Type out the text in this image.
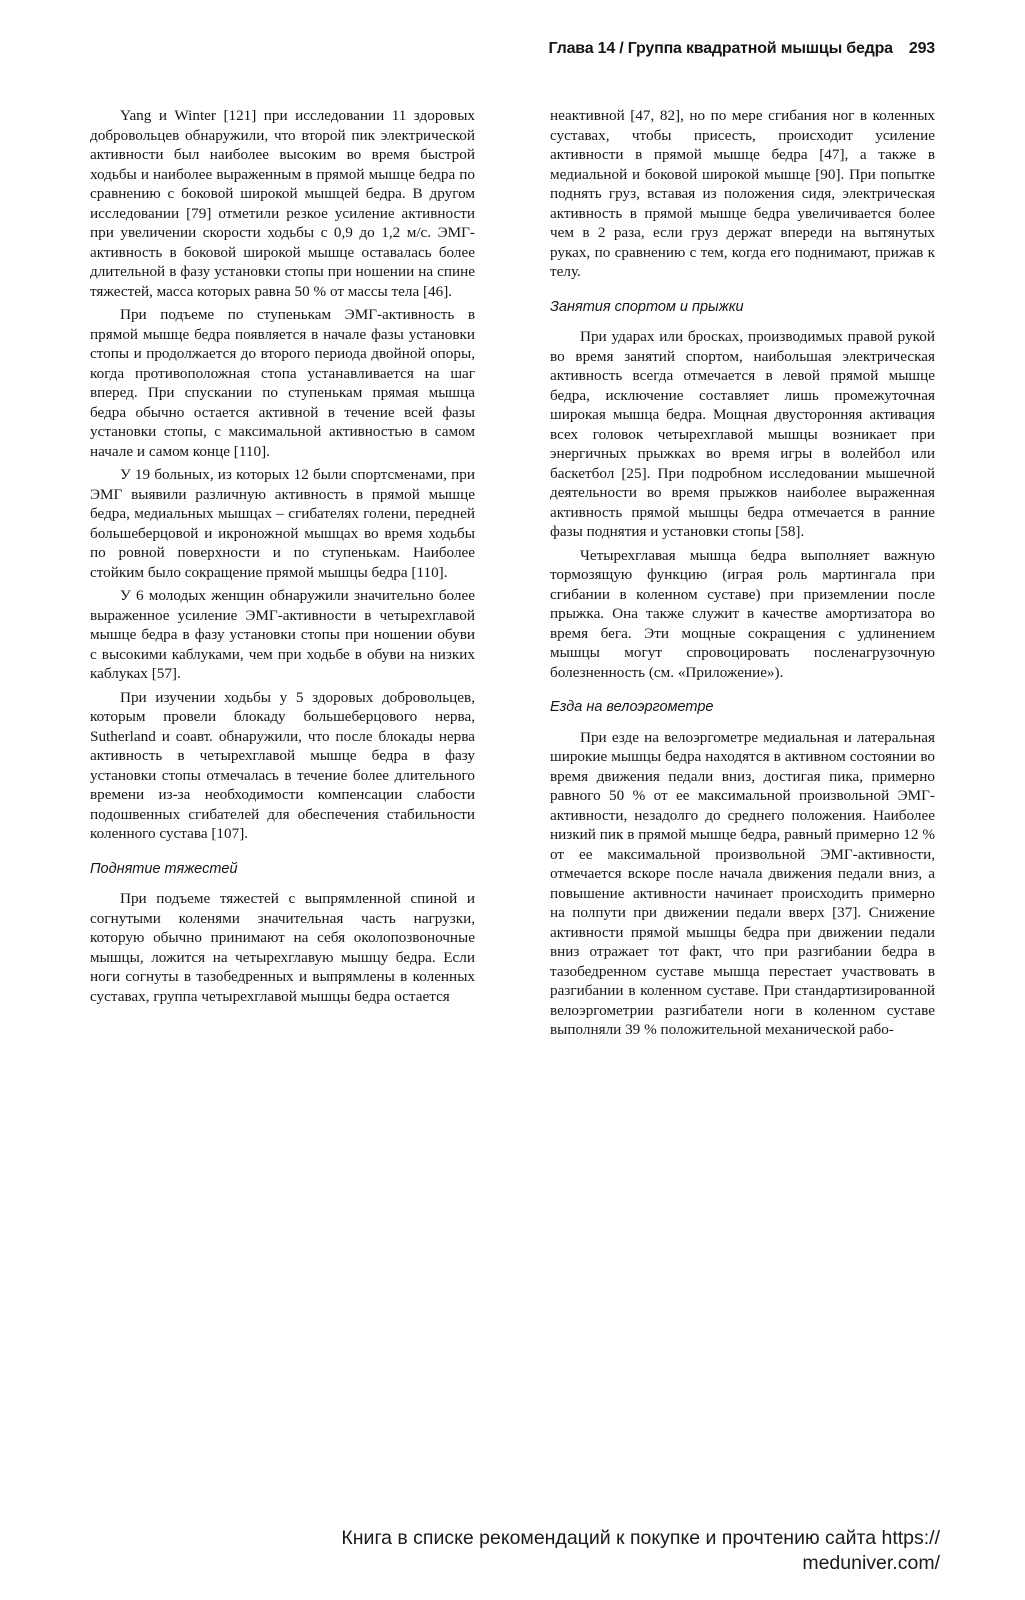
Глава 14 / Группа квадратной мышцы бедра 293

Yang и Winter [121] при исследовании 11 здоровых добровольцев обнаружили, что второй пик электрической активности был наиболее высоким во время быстрой ходьбы и наиболее выраженным в прямой мышце бедра по сравнению с боковой широкой мышцей бедра. В другом исследовании [79] отметили резкое усиление активности при увеличении скорости ходьбы с 0,9 до 1,2 м/с. ЭМГ-активность в боковой широкой мышце оставалась более длительной в фазу установки стопы при ношении на спине тяжестей, масса которых равна 50 % от массы тела [46].

При подъеме по ступенькам ЭМГ-активность в прямой мышце бедра появляется в начале фазы установки стопы и продолжается до второго периода двойной опоры, когда противоположная стопа устанавливается на шаг вперед. При спускании по ступенькам прямая мышца бедра обычно остается активной в течение всей фазы установки стопы, с максимальной активностью в самом начале и самом конце [110].

У 19 больных, из которых 12 были спортсменами, при ЭМГ выявили различную активность в прямой мышце бедра, медиальных мышцах – сгибателях голени, передней большеберцовой и икроножной мышцах во время ходьбы по ровной поверхности и по ступенькам. Наиболее стойким было сокращение прямой мышцы бедра [110].

У 6 молодых женщин обнаружили значительно более выраженное усиление ЭМГ-активности в четырехглавой мышце бедра в фазу установки стопы при ношении обуви с высокими каблуками, чем при ходьбе в обуви на низких каблуках [57].

При изучении ходьбы у 5 здоровых добровольцев, которым провели блокаду большеберцового нерва, Sutherland и соавт. обнаружили, что после блокады нерва активность в четырехглавой мышце бедра в фазу установки стопы отмечалась в течение более длительного времени из-за необходимости компенсации слабости подошвенных сгибателей для обеспечения стабильности коленного сустава [107].

Поднятие тяжестей

При подъеме тяжестей с выпрямленной спиной и согнутыми коленями значительная часть нагрузки, которую обычно принимают на себя околопозвоночные мышцы, ложится на четырехглавую мышцу бедра. Если ноги согнуты в тазобедренных и выпрямлены в коленных суставах, группа четырехглавой мышцы бедра остается

неактивной [47, 82], но по мере сгибания ног в коленных суставах, чтобы присесть, происходит усиление активности в прямой мышце бедра [47], а также в медиальной и боковой широкой мышце [90]. При попытке поднять груз, вставая из положения сидя, электрическая активность в прямой мышце бедра увеличивается более чем в 2 раза, если груз держат впереди на вытянутых руках, по сравнению с тем, когда его поднимают, прижав к телу.

Занятия спортом и прыжки

При ударах или бросках, производимых правой рукой во время занятий спортом, наибольшая электрическая активность всегда отмечается в левой прямой мышце бедра, исключение составляет лишь промежуточная широкая мышца бедра. Мощная двусторонняя активация всех головок четырехглавой мышцы возникает при энергичных прыжках во время игры в волейбол или баскетбол [25]. При подробном исследовании мышечной деятельности во время прыжков наиболее выраженная активность прямой мышцы бедра отмечается в ранние фазы поднятия и установки стопы [58].

Четырехглавая мышца бедра выполняет важную тормозящую функцию (играя роль мартингала при сгибании в коленном суставе) при приземлении после прыжка. Она также служит в качестве амортизатора во время бега. Эти мощные сокращения с удлинением мышцы могут спровоцировать посленагрузочную болезненность (см. «Приложение»).

Езда на велоэргометре

При езде на велоэргометре медиальная и латеральная широкие мышцы бедра находятся в активном состоянии во время движения педали вниз, достигая пика, примерно равного 50 % от ее максимальной произвольной ЭМГ-активности, незадолго до среднего положения. Наиболее низкий пик в прямой мышце бедра, равный примерно 12 % от ее максимальной произвольной ЭМГ-активности, отмечается вскоре после начала движения педали вниз, а повышение активности начинает происходить примерно на полпути при движении педали вверх [37]. Снижение активности прямой мышцы бедра при движении педали вниз отражает тот факт, что при разгибании бедра в тазобедренном суставе мышца перестает участвовать в разгибании в коленном суставе. При стандартизированной велоэргометрии разгибатели ноги в коленном суставе выполняли 39 % положительной механической рабо-

Книга в списке рекомендаций к покупке и прочтению сайта https://
meduniver.com/
